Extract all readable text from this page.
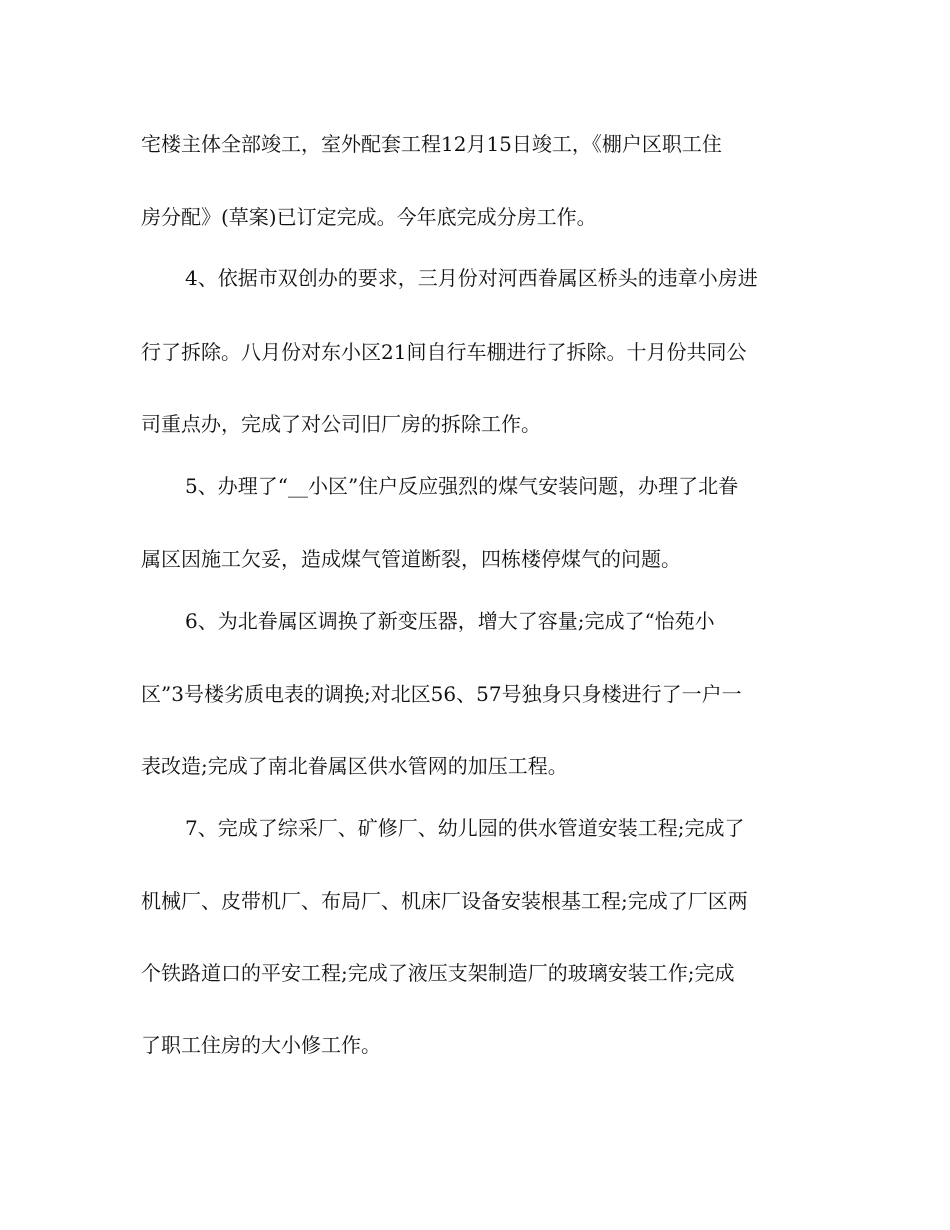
宅楼主体全部竣工，室外配套工程12月15日竣工，《棚户区职工住
房分配》(草案)已订定完成。今年底完成分房工作。
4、依据市双创办的要求，三月份对河西眷属区桥头的违章小房进
行了拆除。八月份对东小区21间自行车棚进行了拆除。十月份共同公
司重点办，完成了对公司旧厂房的拆除工作。
5、办理了“__小区”住户反应强烈的煤气安装问题，办理了北眷
属区因施工欠妥，造成煤气管道断裂，四栋楼停煤气的问题。
6、为北眷属区调换了新变压器，增大了容量;完成了“怡苑小
区”3号楼劣质电表的调换;对北区56、57号独身只身楼进行了一户一
表改造;完成了南北眷属区供水管网的加压工程。
7、完成了综采厂、矿修厂、幼儿园的供水管道安装工程;完成了
机械厂、皮带机厂、布局厂、机床厂设备安装根基工程;完成了厂区两
个铁路道口的平安工程;完成了液压支架制造厂的玻璃安装工作;完成
了职工住房的大小修工作。
